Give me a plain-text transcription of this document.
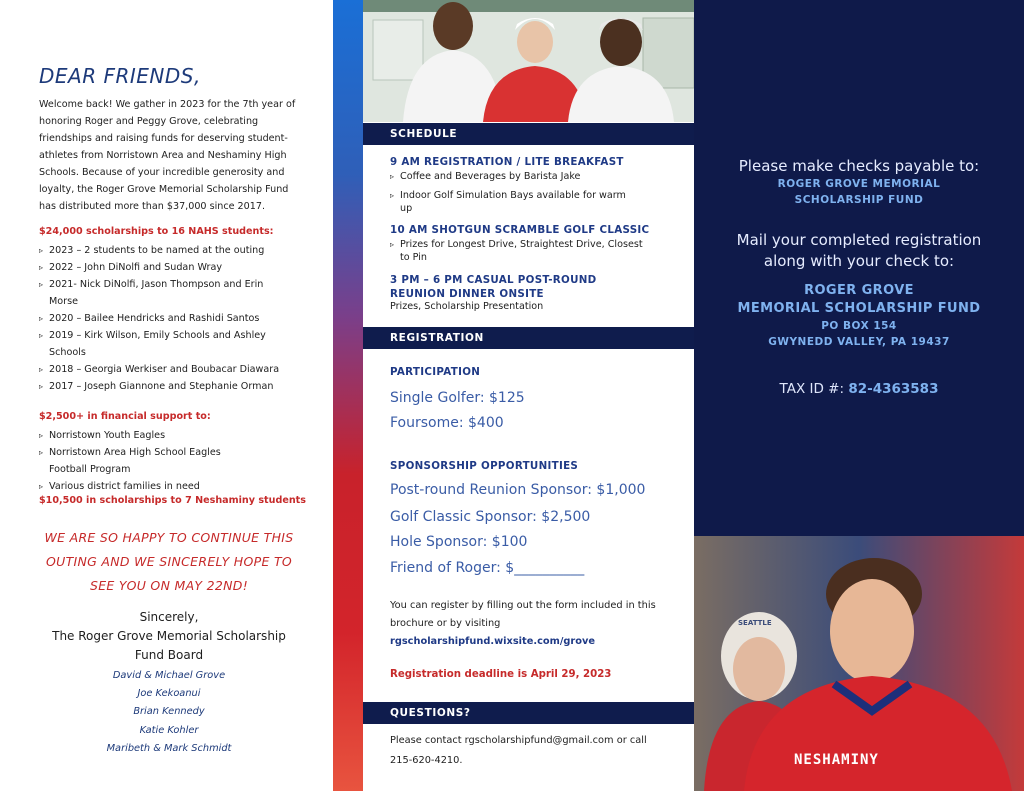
DEAR FRIENDS,

Welcome back! We gather in 2023 for the 7th year of honoring Roger and Peggy Grove, celebrating friendships and raising funds for deserving student-athletes from Norristown Area and Neshaminy High Schools. Because of your incredible generosity and loyalty, the Roger Grove Memorial Scholarship Fund has distributed more than $37,000 since 2017.

$24,000 scholarships to 16 NAHS students:

▹ 2023 – 2 students to be named at the outing
▹ 2022 – John DiNolfi and Sudan Wray
▹ 2021- Nick DiNolfi, Jason Thompson and Erin Morse
▹ 2020 – Bailee Hendricks and Rashidi Santos
▹ 2019 – Kirk Wilson, Emily Schools and Ashley Schools
▹ 2018 – Georgia Werkiser and Boubacar Diawara
▹ 2017 – Joseph Giannone and Stephanie Orman

$2,500+ in financial support to:

▹ Norristown Youth Eagles
▹ Norristown Area High School Eagles Football Program
▹ Various district families in need

$10,500 in scholarships to 7 Neshaminy students

WE ARE SO HAPPY TO CONTINUE THIS OUTING AND WE SINCERELY HOPE TO SEE YOU ON MAY 22ND!

Sincerely,
The Roger Grove Memorial Scholarship Fund Board

David & Michael Grove
Joe Kekoanui
Brian Kennedy
Katie Kohler
Maribeth & Mark Schmidt
SCHEDULE

9 AM REGISTRATION / LITE BREAKFAST

▹ Coffee and Beverages by Barista Jake
▹ Indoor Golf Simulation Bays available for warm up

10 AM SHOTGUN SCRAMBLE GOLF CLASSIC

▹ Prizes for Longest Drive, Straightest Drive, Closest to Pin

3 PM – 6 PM CASUAL POST-ROUND

REUNION DINNER ONSITE

Prizes, Scholarship Presentation

REGISTRATION

PARTICIPATION

Single Golfer: $125

Foursome: $400

SPONSORSHIP OPPORTUNITIES

Post-round Reunion Sponsor: $1,000

Golf Classic Sponsor: $2,500

Hole Sponsor: $100

Friend of Roger: $__________

You can register by filling out the form included in this brochure or by visiting
rgscholarshipfund.wixsite.com/grove

Registration deadline is April 29, 2023

QUESTIONS?

Please contact rgscholarshipfund@gmail.com or call 215-620-4210.

Please make checks payable to:

ROGER GROVE MEMORIAL

SCHOLARSHIP FUND

Mail your completed registration

along with your check to:

ROGER GROVE

MEMORIAL SCHOLARSHIP FUND

PO BOX 154

GWYNEDD VALLEY, PA 19437

TAX ID #: 82-4363583

NESHAMINY
SEATTLE
